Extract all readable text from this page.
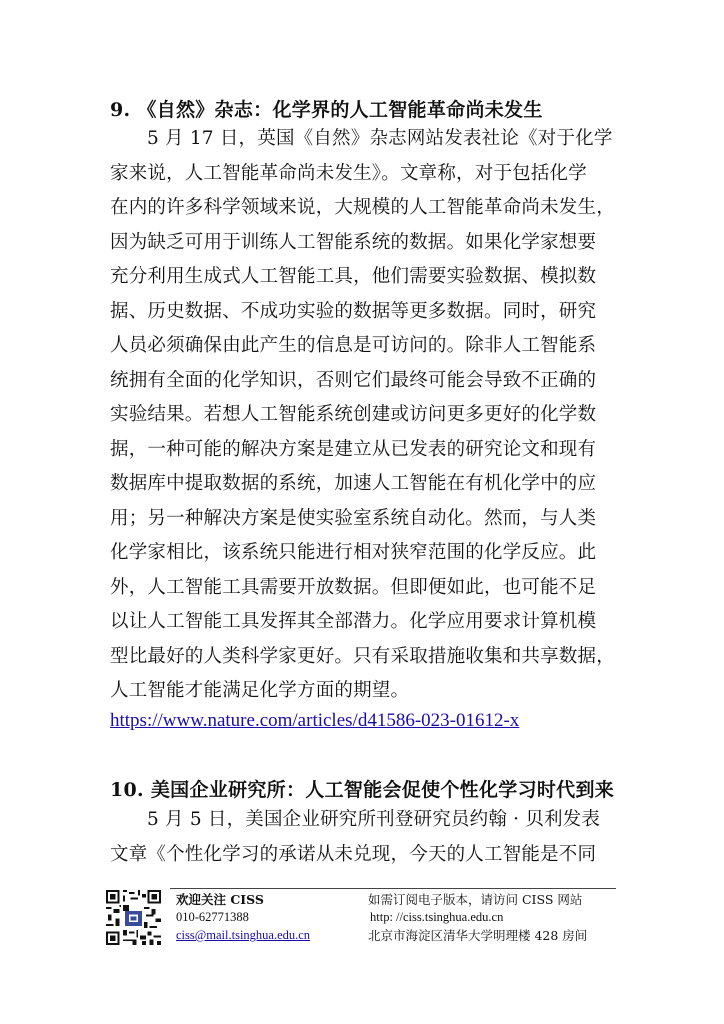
9. 《自然》杂志：化学界的人工智能革命尚未发生
5 月 17 日，英国《自然》杂志网站发表社论《对于化学
家来说，人工智能革命尚未发生》。文章称，对于包括化学
在内的许多科学领域来说，大规模的人工智能革命尚未发生，
因为缺乏可用于训练人工智能系统的数据。如果化学家想要
充分利用生成式人工智能工具，他们需要实验数据、模拟数
据、历史数据、不成功实验的数据等更多数据。同时，研究
人员必须确保由此产生的信息是可访问的。除非人工智能系
统拥有全面的化学知识，否则它们最终可能会导致不正确的
实验结果。若想人工智能系统创建或访问更多更好的化学数
据，一种可能的解决方案是建立从已发表的研究论文和现有
数据库中提取数据的系统，加速人工智能在有机化学中的应
用；另一种解决方案是使实验室系统自动化。然而，与人类
化学家相比，该系统只能进行相对狭窄范围的化学反应。此
外，人工智能工具需要开放数据。但即便如此，也可能不足
以让人工智能工具发挥其全部潜力。化学应用要求计算机模
型比最好的人类科学家更好。只有采取措施收集和共享数据，
人工智能才能满足化学方面的期望。
https://www.nature.com/articles/d41586-023-01612-x
10. 美国企业研究所：人工智能会促使个性化学习时代到来
5 月 5 日，美国企业研究所刊登研究员约翰 · 贝利发表
文章《个性化学习的承诺从未兑现，今天的人工智能是不同
欢迎关注 CISS
010-62771388
ciss@mail.tsinghua.edu.cn
如需订阅电子版本，请访问 CISS 网站
http: //ciss.tsinghua.edu.cn
北京市海淀区清华大学明理楼 428 房间
